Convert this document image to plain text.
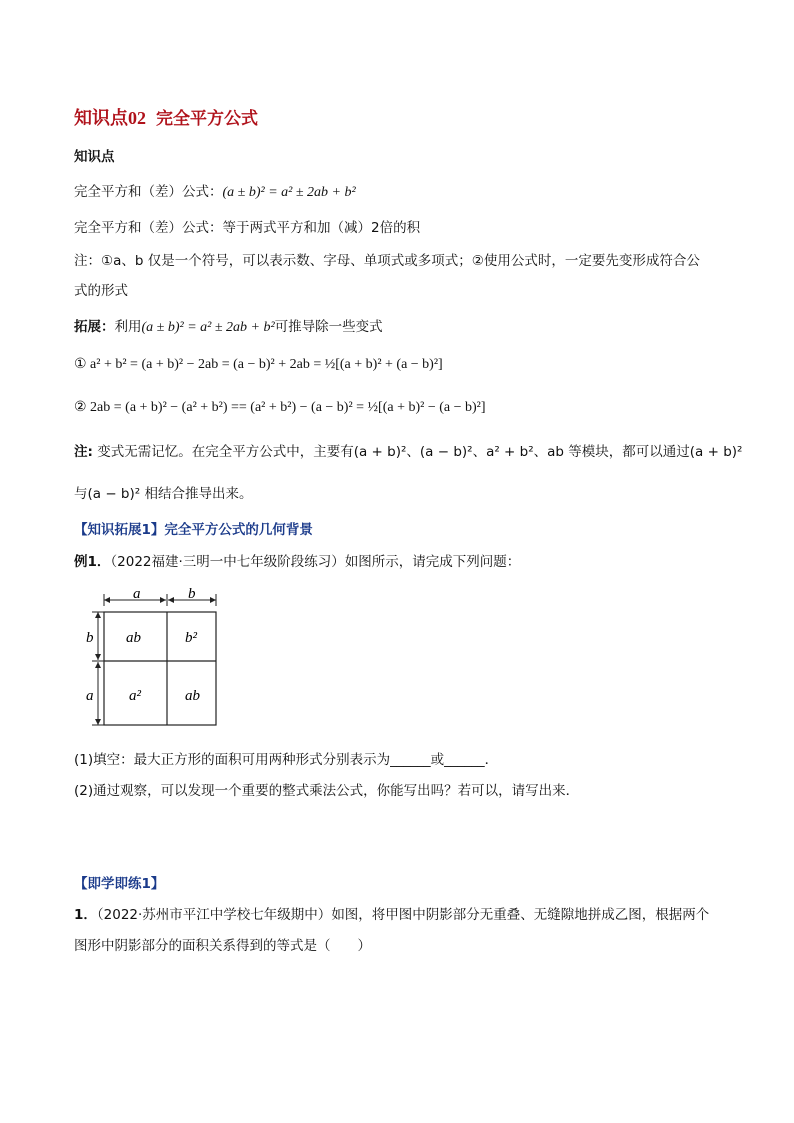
知识点02 完全平方公式
知识点
完全平方和（差）公式：(a ± b)² = a² ± 2ab + b²
完全平方和（差）公式：等于两式平方和加（减）2倍的积
注：①a、b 仅是一个符号，可以表示数、字母、单项式或多项式；②使用公式时，一定要先变形成符合公
式的形式
拓展：利用(a ± b)² = a² ± 2ab + b²可推导除一些变式
① a² + b² = (a + b)² − 2ab = (a − b)² + 2ab = ½[(a + b)² + (a − b)²]
② 2ab = (a + b)² − (a² + b²) == (a² + b²) − (a − b)² = ½[(a + b)² − (a − b)²]
注: 变式无需记忆。在完全平方公式中，主要有(a + b)²、(a − b)²、a² + b²、ab 等模块，都可以通过(a + b)²
与(a − b)² 相结合推导出来。
【知识拓展1】完全平方公式的几何背景
例1．（2022福建·三明一中七年级阶段练习）如图所示，请完成下列问题：
a	b
b
a
ab	b²
a²	ab
(1)填空：最大正方形的面积可用两种形式分别表示为______或______．
(2)通过观察，可以发现一个重要的整式乘法公式，你能写出吗？若可以，请写出来．
【即学即练1】
1．（2022·苏州市平江中学校七年级期中）如图，将甲图中阴影部分无重叠、无缝隙地拼成乙图，根据两个
图形中阴影部分的面积关系得到的等式是（　　）
